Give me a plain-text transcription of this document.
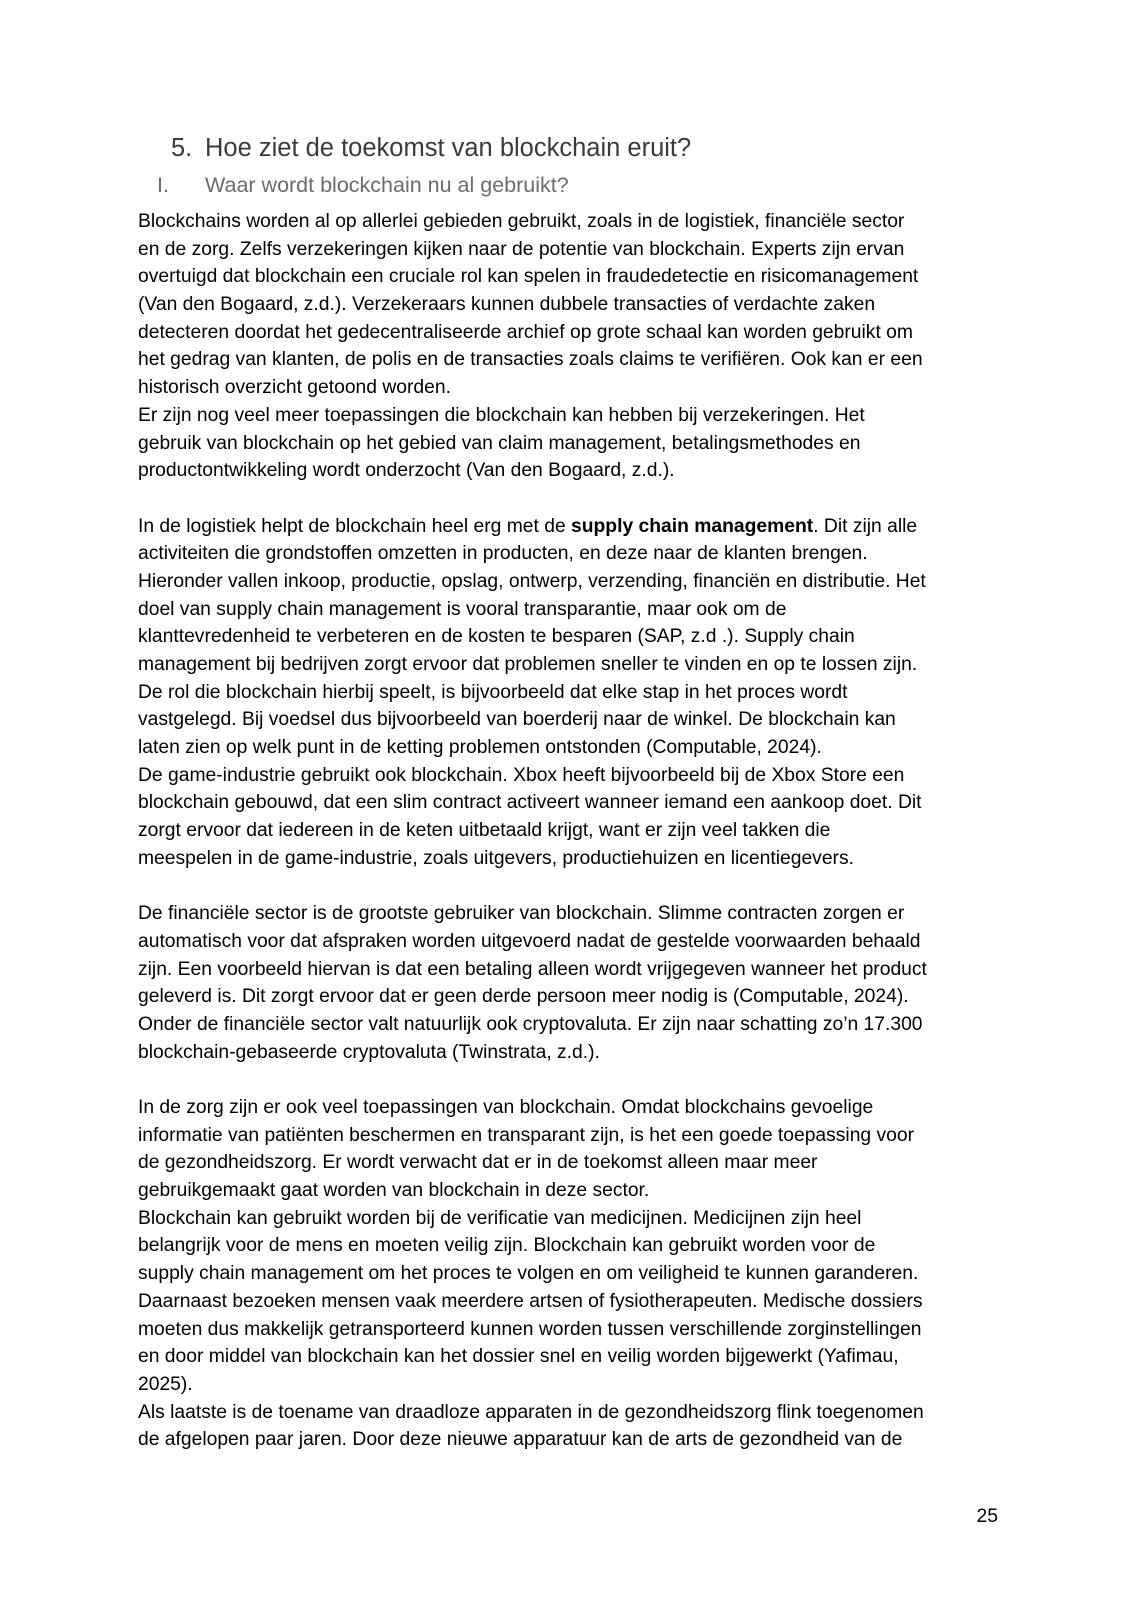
5. Hoe ziet de toekomst van blockchain eruit?
I. Waar wordt blockchain nu al gebruikt?
Blockchains worden al op allerlei gebieden gebruikt, zoals in de logistiek, financiële sector
en de zorg. Zelfs verzekeringen kijken naar de potentie van blockchain. Experts zijn ervan
overtuigd dat blockchain een cruciale rol kan spelen in fraudedetectie en risicomanagement
(Van den Bogaard, z.d.). Verzekeraars kunnen dubbele transacties of verdachte zaken
detecteren doordat het gedecentraliseerde archief op grote schaal kan worden gebruikt om
het gedrag van klanten, de polis en de transacties zoals claims te verifiëren. Ook kan er een
historisch overzicht getoond worden.
Er zijn nog veel meer toepassingen die blockchain kan hebben bij verzekeringen. Het
gebruik van blockchain op het gebied van claim management, betalingsmethodes en
productontwikkeling wordt onderzocht (Van den Bogaard, z.d.).
In de logistiek helpt de blockchain heel erg met de supply chain management. Dit zijn alle
activiteiten die grondstoffen omzetten in producten, en deze naar de klanten brengen.
Hieronder vallen inkoop, productie, opslag, ontwerp, verzending, financiën en distributie. Het
doel van supply chain management is vooral transparantie, maar ook om de
klanttevredenheid te verbeteren en de kosten te besparen (SAP, z.d .). Supply chain
management bij bedrijven zorgt ervoor dat problemen sneller te vinden en op te lossen zijn.
De rol die blockchain hierbij speelt, is bijvoorbeeld dat elke stap in het proces wordt
vastgelegd. Bij voedsel dus bijvoorbeeld van boerderij naar de winkel. De blockchain kan
laten zien op welk punt in de ketting problemen ontstonden (Computable, 2024).
De game-industrie gebruikt ook blockchain. Xbox heeft bijvoorbeeld bij de Xbox Store een
blockchain gebouwd, dat een slim contract activeert wanneer iemand een aankoop doet. Dit
zorgt ervoor dat iedereen in de keten uitbetaald krijgt, want er zijn veel takken die
meespelen in de game-industrie, zoals uitgevers, productiehuizen en licentiegevers.
De financiële sector is de grootste gebruiker van blockchain. Slimme contracten zorgen er
automatisch voor dat afspraken worden uitgevoerd nadat de gestelde voorwaarden behaald
zijn. Een voorbeeld hiervan is dat een betaling alleen wordt vrijgegeven wanneer het product
geleverd is. Dit zorgt ervoor dat er geen derde persoon meer nodig is (Computable, 2024).
Onder de financiële sector valt natuurlijk ook cryptovaluta. Er zijn naar schatting zo’n 17.300
blockchain-gebaseerde cryptovaluta (Twinstrata, z.d.).
In de zorg zijn er ook veel toepassingen van blockchain. Omdat blockchains gevoelige
informatie van patiënten beschermen en transparant zijn, is het een goede toepassing voor
de gezondheidszorg. Er wordt verwacht dat er in de toekomst alleen maar meer
gebruikgemaakt gaat worden van blockchain in deze sector.
Blockchain kan gebruikt worden bij de verificatie van medicijnen. Medicijnen zijn heel
belangrijk voor de mens en moeten veilig zijn. Blockchain kan gebruikt worden voor de
supply chain management om het proces te volgen en om veiligheid te kunnen garanderen.
Daarnaast bezoeken mensen vaak meerdere artsen of fysiotherapeuten. Medische dossiers
moeten dus makkelijk getransporteerd kunnen worden tussen verschillende zorginstellingen
en door middel van blockchain kan het dossier snel en veilig worden bijgewerkt (Yafimau,
2025).
Als laatste is de toename van draadloze apparaten in de gezondheidszorg flink toegenomen
de afgelopen paar jaren. Door deze nieuwe apparatuur kan de arts de gezondheid van de
25
